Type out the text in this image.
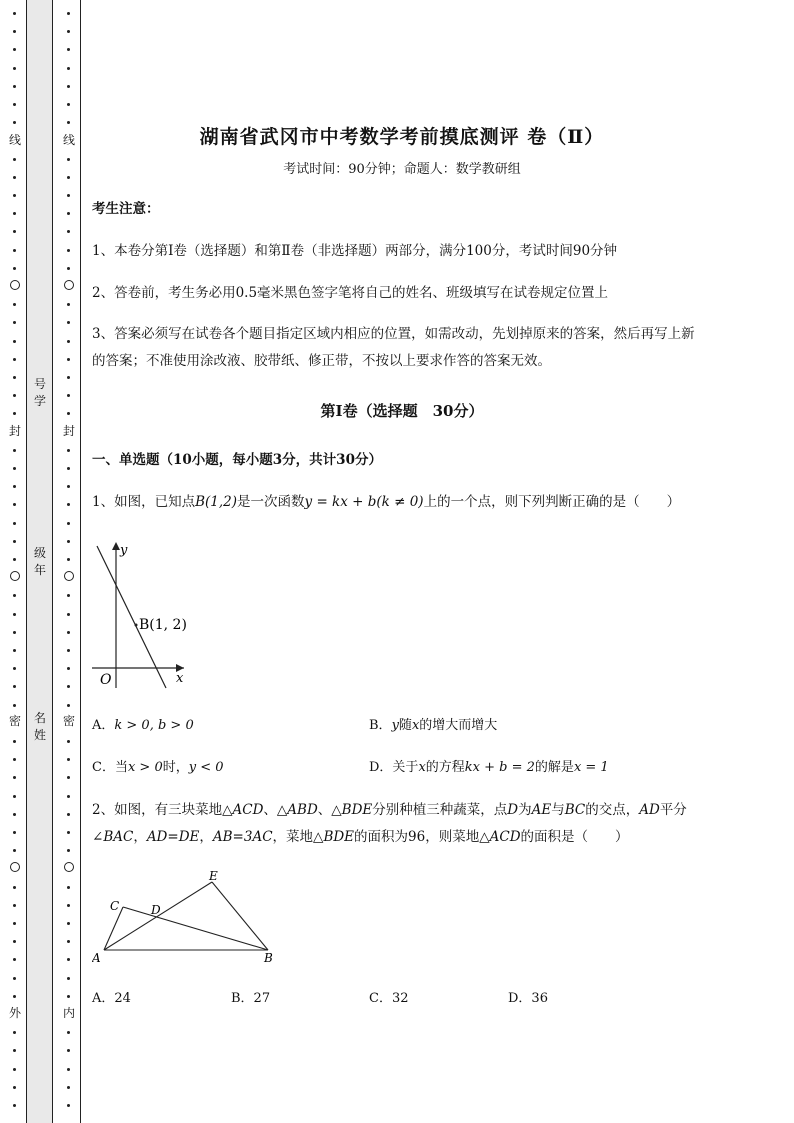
线
封
密
外
线
封
密
内
号
学
级
年
名
姓
湖南省武冈市中考数学考前摸底测评 卷（Ⅱ）
考试时间：90分钟；命题人：数学教研组
考生注意：
1、本卷分第I卷（选择题）和第Ⅱ卷（非选择题）两部分，满分100分，考试时间90分钟
2、答卷前，考生务必用0.5毫米黑色签字笔将自己的姓名、班级填写在试卷规定位置上
3、答案必须写在试卷各个题目指定区域内相应的位置，如需改动，先划掉原来的答案，然后再写上新
的答案；不准使用涂改液、胶带纸、修正带，不按以上要求作答的答案无效。
第I卷（选择题　30分）
一、单选题（10小题，每小题3分，共计30分）
1、如图，已知点B(1,2)是一次函数y = kx + b(k ≠ 0)上的一个点，则下列判断正确的是（　　）
y
x
O
B(1, 2)
A．k > 0, b > 0	B．y随x的增大而增大
C．当x > 0时，y < 0	D．关于x的方程kx + b = 2的解是x = 1
2、如图，有三块菜地△ACD、△ABD、△BDE分别种植三种蔬菜，点D为AE与BC的交点，AD平分
∠BAC，AD=DE，AB=3AC，菜地△BDE的面积为96，则菜地△ACD的面积是（　　）
A	B
C	D
E
A．24	B．27	C．32	D．36
